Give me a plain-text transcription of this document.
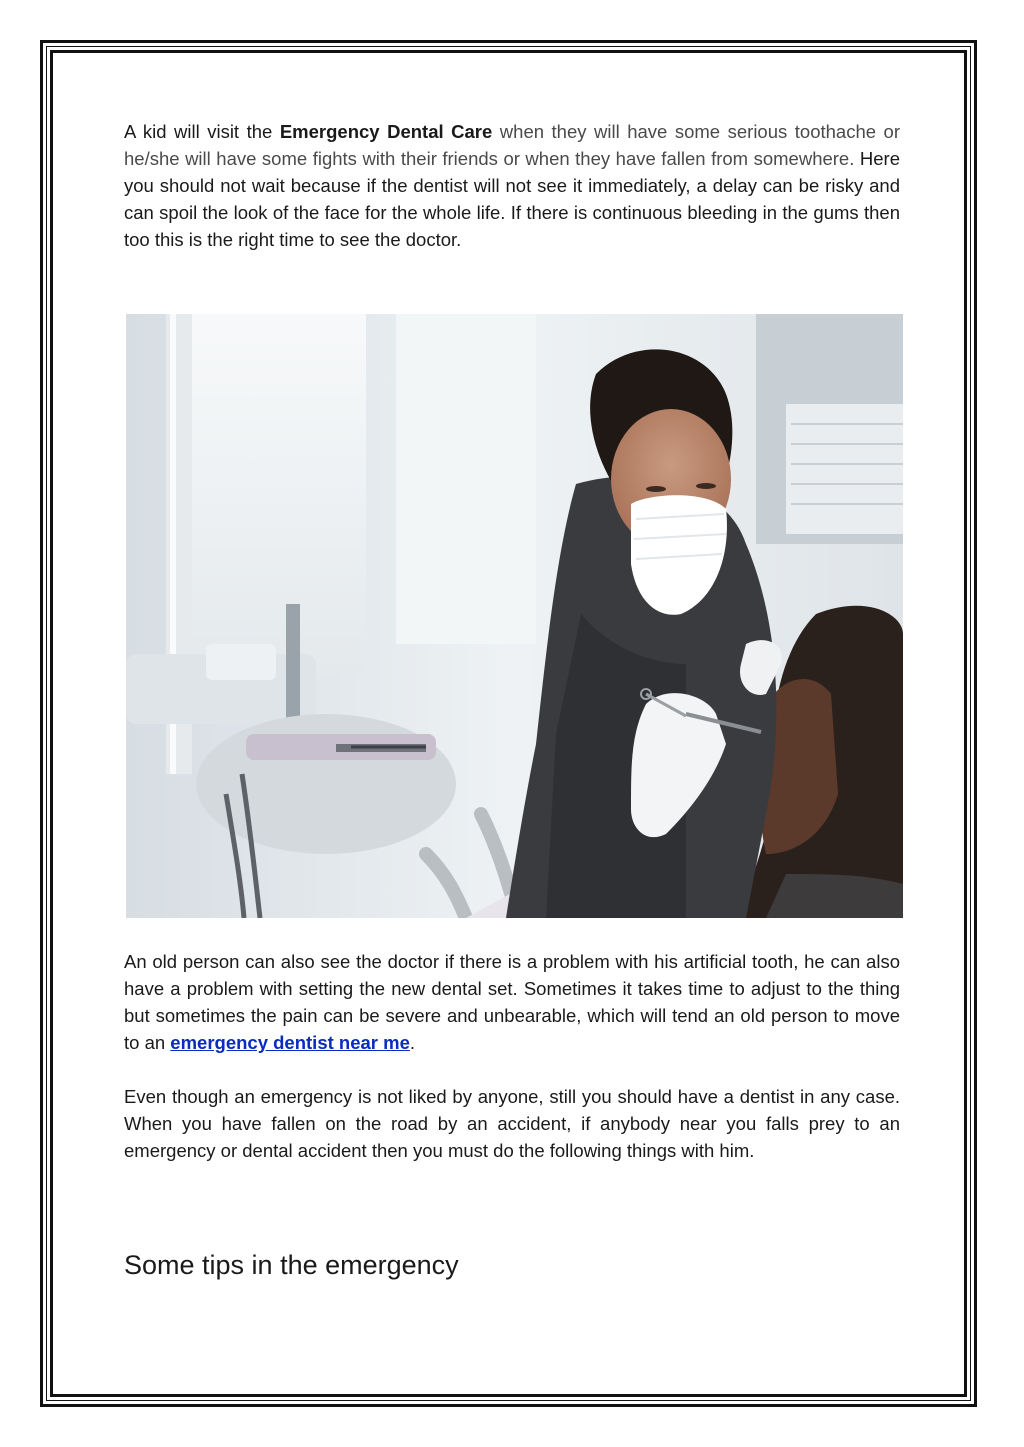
A kid will visit the Emergency Dental Care when they will have some serious toothache or he/she will have some fights with their friends or when they have fallen from somewhere. Here you should not wait because if the dentist will not see it immediately, a delay can be risky and can spoil the look of the face for the whole life. If there is continuous bleeding in the gums then too this is the right time to see the doctor.

An old person can also see the doctor if there is a problem with his artificial tooth, he can also have a problem with setting the new dental set. Sometimes it takes time to adjust to the thing but sometimes the pain can be severe and unbearable, which will tend an old person to move to an emergency dentist near me.

Even though an emergency is not liked by anyone, still you should have a dentist in any case. When you have fallen on the road by an accident, if anybody near you falls prey to an emergency or dental accident then you must do the following things with him.

Some tips in the emergency
